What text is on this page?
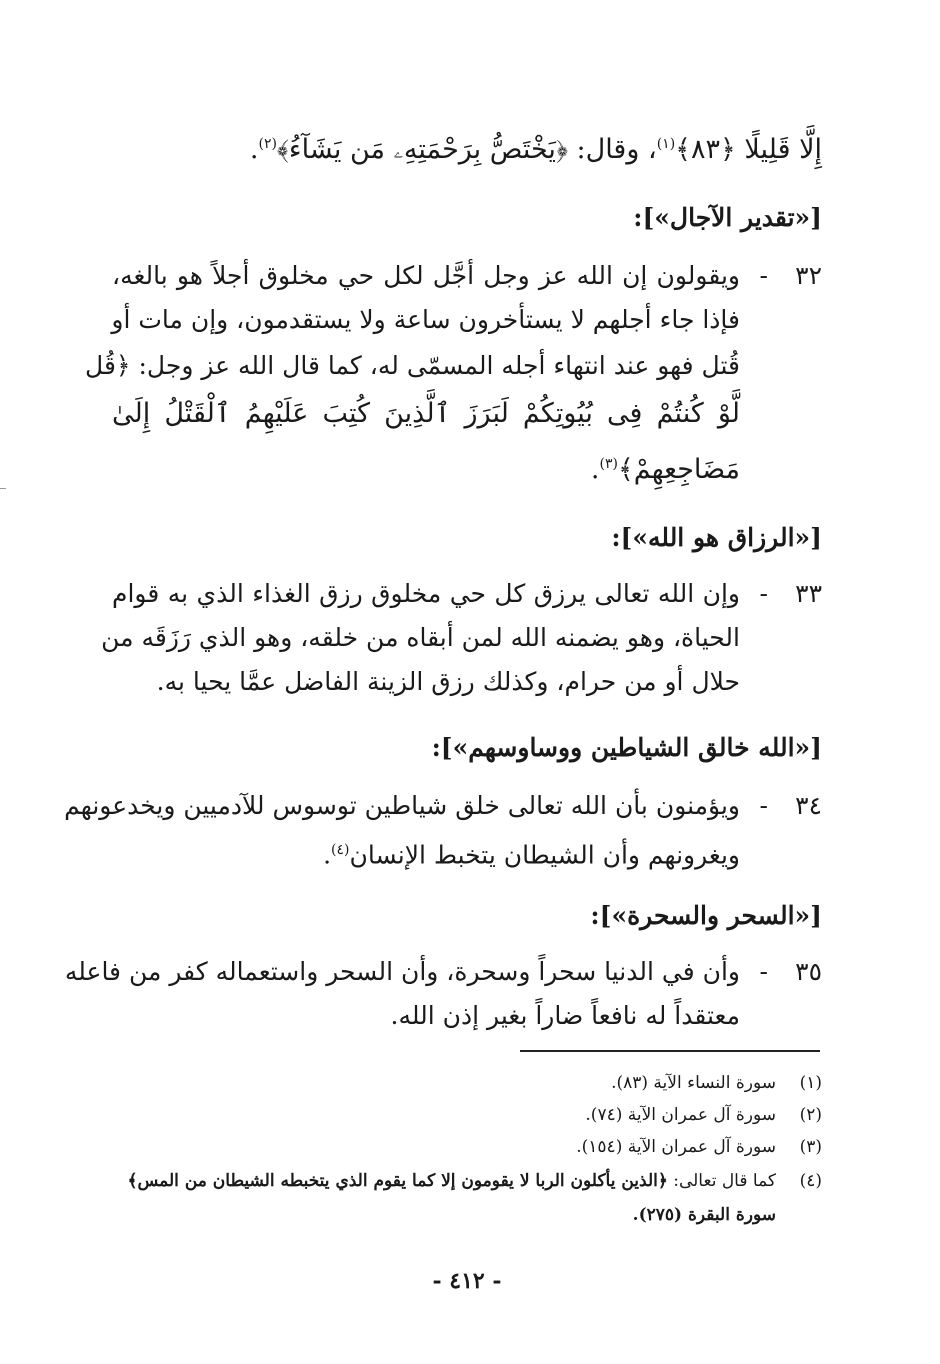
إِلَّا قَلِيلًا ﴿٨٣﴾$^{(١)}$، وقال: ﴿يَخْتَصُّ بِرَحْمَتِهِۦ مَن يَشَآءُ﴾$^{(٢)}$.
[«تقدير الآجال»]:
٣٢
-
ويقولون إن الله عز وجل أجَّل لكل حي مخلوق أجلاً هو بالغه،
فإذا جاء أجلهم لا يستأخرون ساعة ولا يستقدمون، وإن مات أو
قُتل فهو عند انتهاء أجله المسمّى له، كما قال الله عز وجل: ﴿قُل
لَّوْ كُنتُمْ فِى بُيُوتِكُمْ لَبَرَزَ ٱلَّذِينَ كُتِبَ عَلَيْهِمُ ٱلْقَتْلُ إِلَىٰ
مَضَاجِعِهِمْ﴾$^{(٣)}$.
[«الرزاق هو الله»]:
٣٣
-
وإن الله تعالى يرزق كل حي مخلوق رزق الغذاء الذي به قوام
الحياة، وهو يضمنه الله لمن أبقاه من خلقه، وهو الذي رَزَقَه من
حلال أو من حرام، وكذلك رزق الزينة الفاضل عمَّا يحيا به.
[«الله خالق الشياطين ووساوسهم»]:
٣٤
-
ويؤمنون بأن الله تعالى خلق شياطين توسوس للآدميين ويخدعونهم
ويغرونهم وأن الشيطان يتخبط الإنسان$^{(٤)}$.
[«السحر والسحرة»]:
٣٥
-
وأن في الدنيا سحراً وسحرة، وأن السحر واستعماله كفر من فاعله
معتقداً له نافعاً ضاراً بغير إذن الله.
(١)
سورة النساء الآية (٨٣).
(٢)
سورة آل عمران الآية (٧٤).
(٣)
سورة آل عمران الآية (١٥٤).
(٤)
كما قال تعالى: ﴿الذين يأكلون الربا لا يقومون إلا كما يقوم الذي يتخبطه الشيطان من المس﴾
سورة البقرة (٢٧٥).
- ٤١٢ -
